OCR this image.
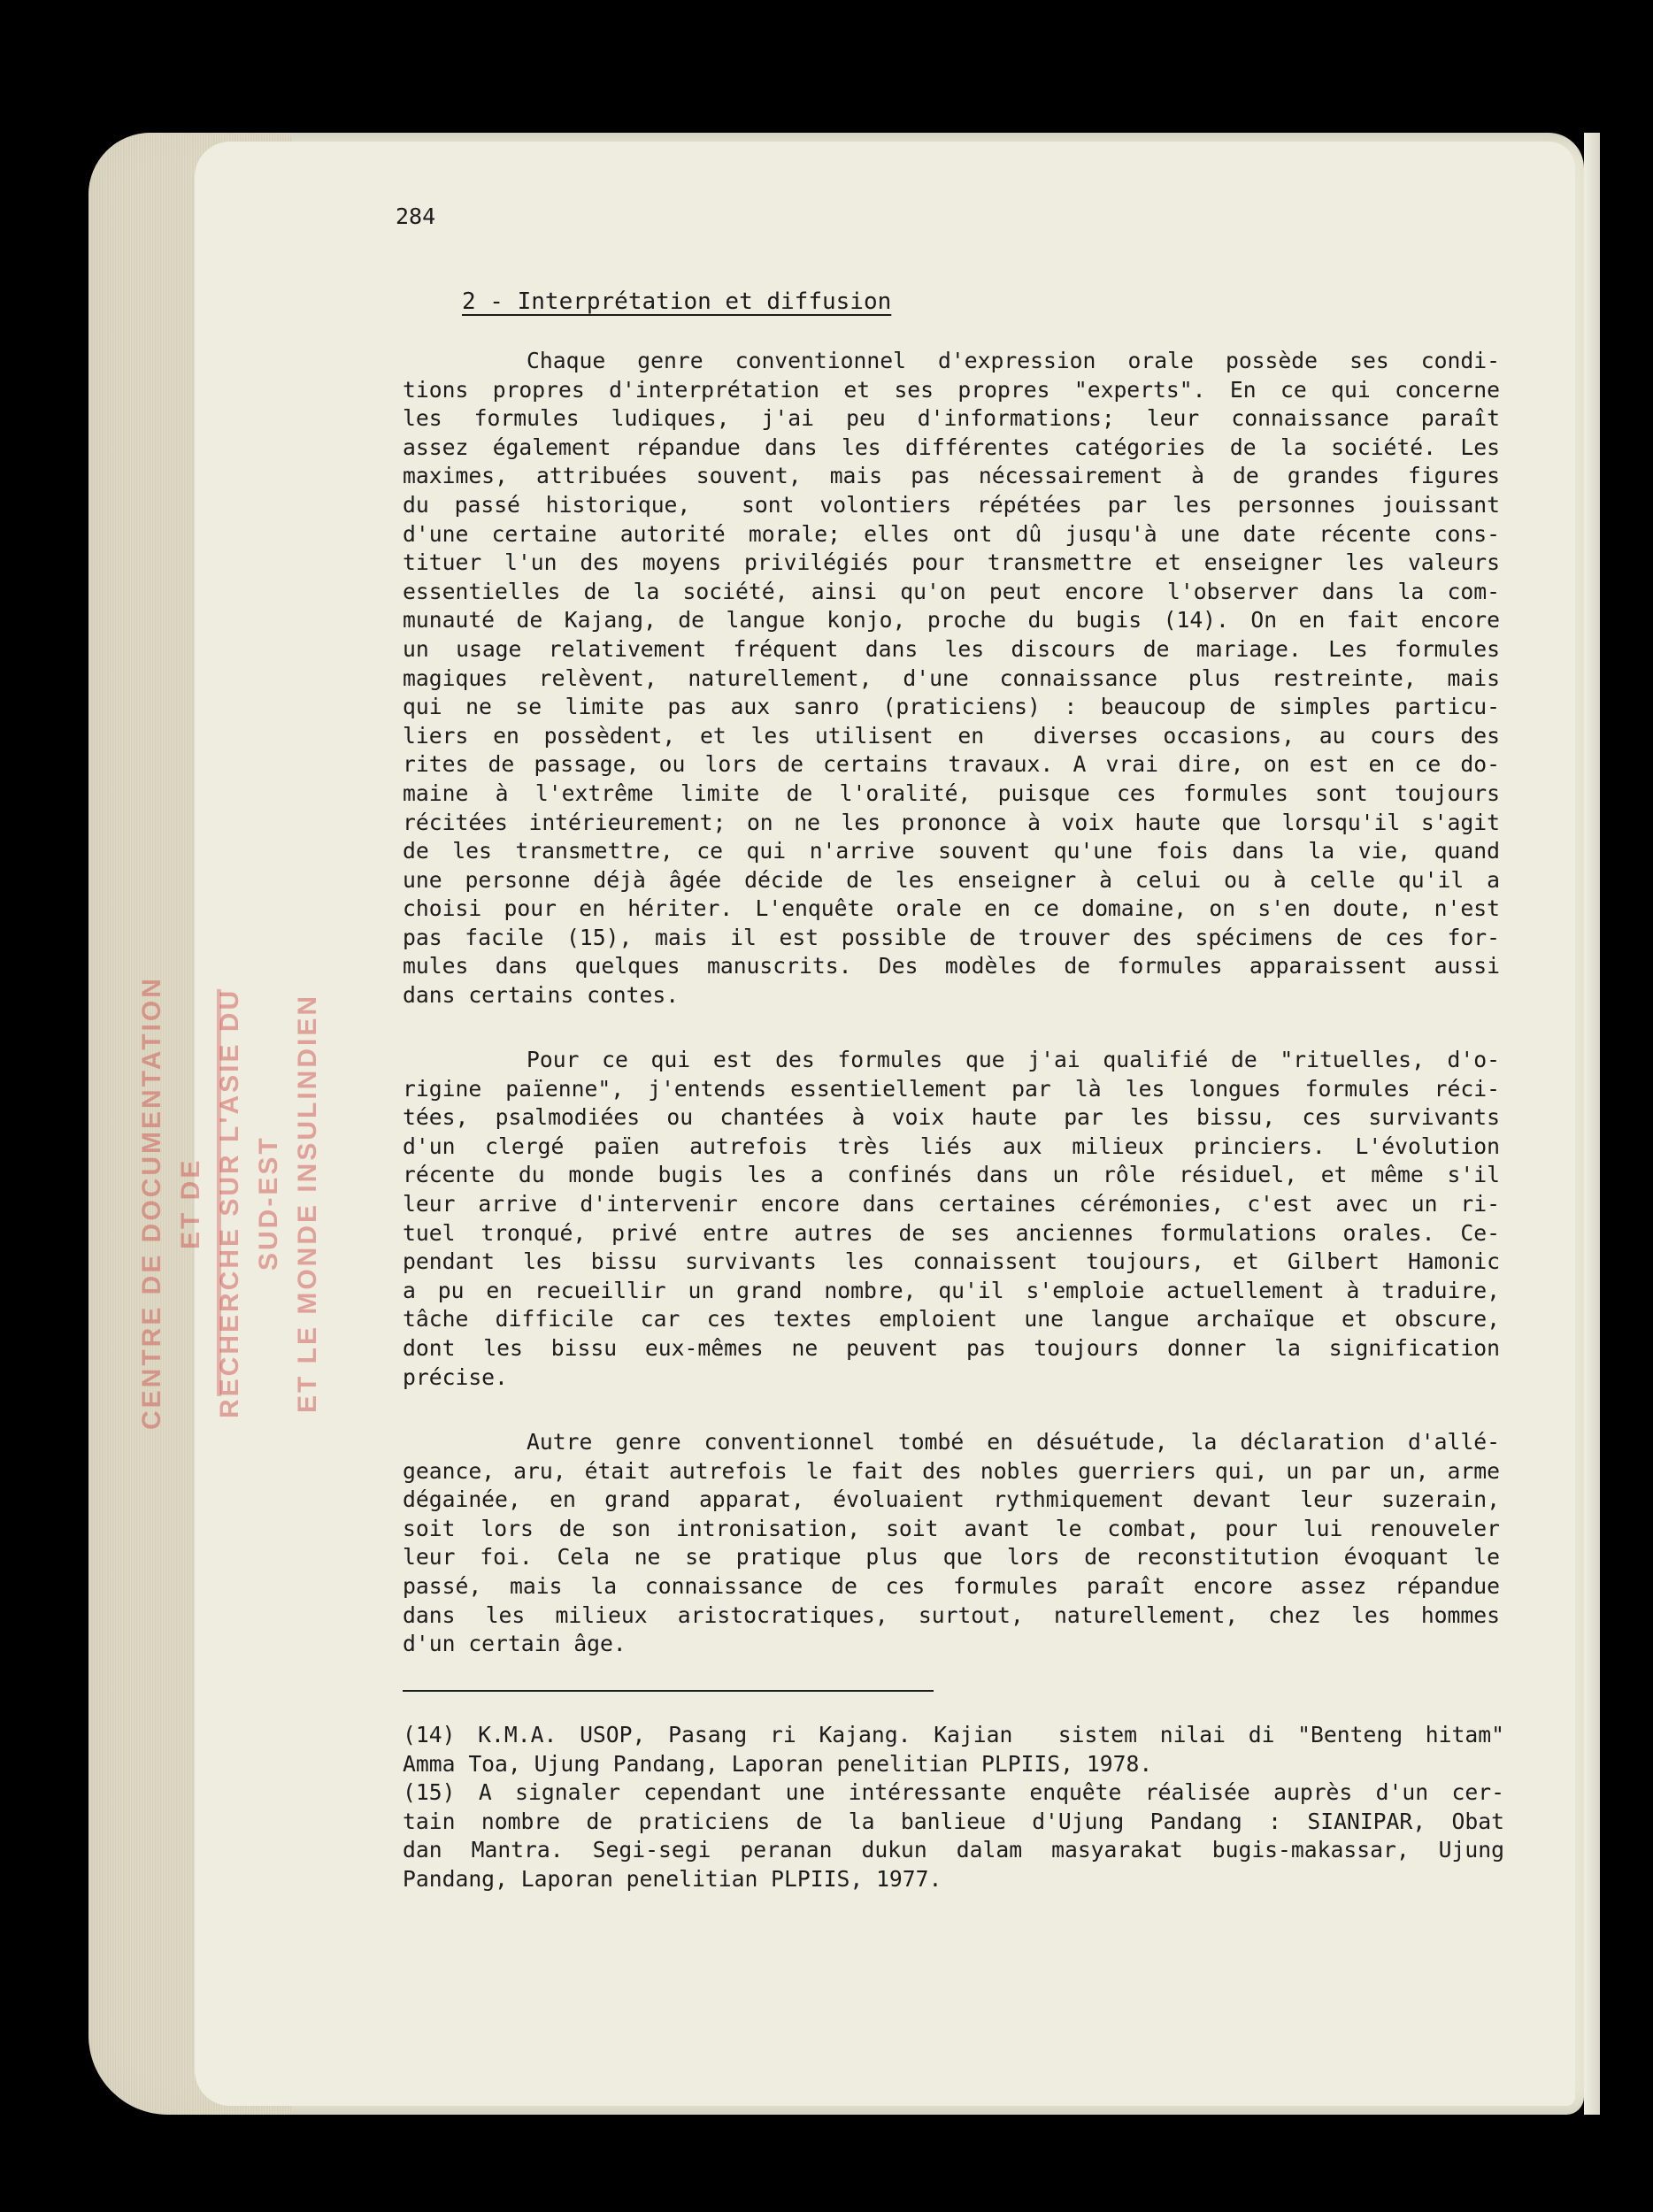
CENTRE DE DOCUMENTATION ET DE RECHERCHE SUR L'ASIE DU SUD-EST ET LE MONDE INSULINDIEN
284
2 - Interprétation et diffusion
Chaque genre conventionnel d'expression orale possède ses condi-
tions propres d'interprétation et ses propres "experts". En ce qui concerne
les formules ludiques, j'ai peu d'informations; leur connaissance paraît
assez également répandue dans les différentes catégories de la société. Les
maximes, attribuées souvent, mais pas nécessairement à de grandes figures
du passé historique,  sont volontiers répétées par les personnes jouissant
d'une certaine autorité morale; elles ont dû jusqu'à une date récente cons-
tituer l'un des moyens privilégiés pour transmettre et enseigner les valeurs
essentielles de la société, ainsi qu'on peut encore l'observer dans la com-
munauté de Kajang, de langue konjo, proche du bugis (14). On en fait encore
un usage relativement fréquent dans les discours de mariage. Les formules
magiques relèvent, naturellement, d'une connaissance plus restreinte, mais
qui ne se limite pas aux sanro (praticiens) : beaucoup de simples particu-
liers en possèdent, et les utilisent en  diverses occasions, au cours des
rites de passage, ou lors de certains travaux. A vrai dire, on est en ce do-
maine à l'extrême limite de l'oralité, puisque ces formules sont toujours
récitées intérieurement; on ne les prononce à voix haute que lorsqu'il s'agit
de les transmettre, ce qui n'arrive souvent qu'une fois dans la vie, quand
une personne déjà âgée décide de les enseigner à celui ou à celle qu'il a
choisi pour en hériter. L'enquête orale en ce domaine, on s'en doute, n'est
pas facile (15), mais il est possible de trouver des spécimens de ces for-
mules dans quelques manuscrits. Des modèles de formules apparaissent aussi
dans certains contes.
Pour ce qui est des formules que j'ai qualifié de "rituelles, d'o-
rigine païenne", j'entends essentiellement par là les longues formules réci-
tées, psalmodiées ou chantées à voix haute par les bissu, ces survivants
d'un clergé païen autrefois très liés aux milieux princiers. L'évolution
récente du monde bugis les a confinés dans un rôle résiduel, et même s'il
leur arrive d'intervenir encore dans certaines cérémonies, c'est avec un ri-
tuel tronqué, privé entre autres de ses anciennes formulations orales. Ce-
pendant les bissu survivants les connaissent toujours, et Gilbert Hamonic
a pu en recueillir un grand nombre, qu'il s'emploie actuellement à traduire,
tâche difficile car ces textes emploient une langue archaïque et obscure,
dont les bissu eux-mêmes ne peuvent pas toujours donner la signification
précise.
Autre genre conventionnel tombé en désuétude, la déclaration d'allé-
geance, aru, était autrefois le fait des nobles guerriers qui, un par un, arme
dégainée, en grand apparat, évoluaient rythmiquement devant leur suzerain,
soit lors de son intronisation, soit avant le combat, pour lui renouveler
leur foi. Cela ne se pratique plus que lors de reconstitution évoquant le
passé, mais la connaissance de ces formules paraît encore assez répandue
dans les milieux aristocratiques, surtout, naturellement, chez les hommes
d'un certain âge.
(14) K.M.A. USOP, Pasang ri Kajang. Kajian  sistem nilai di "Benteng hitam"
Amma Toa, Ujung Pandang, Laporan penelitian PLPIIS, 1978.
(15) A signaler cependant une intéressante enquête réalisée auprès d'un cer-
tain nombre de praticiens de la banlieue d'Ujung Pandang : SIANIPAR, Obat
dan Mantra. Segi-segi peranan dukun dalam masyarakat bugis-makassar, Ujung
Pandang, Laporan penelitian PLPIIS, 1977.
